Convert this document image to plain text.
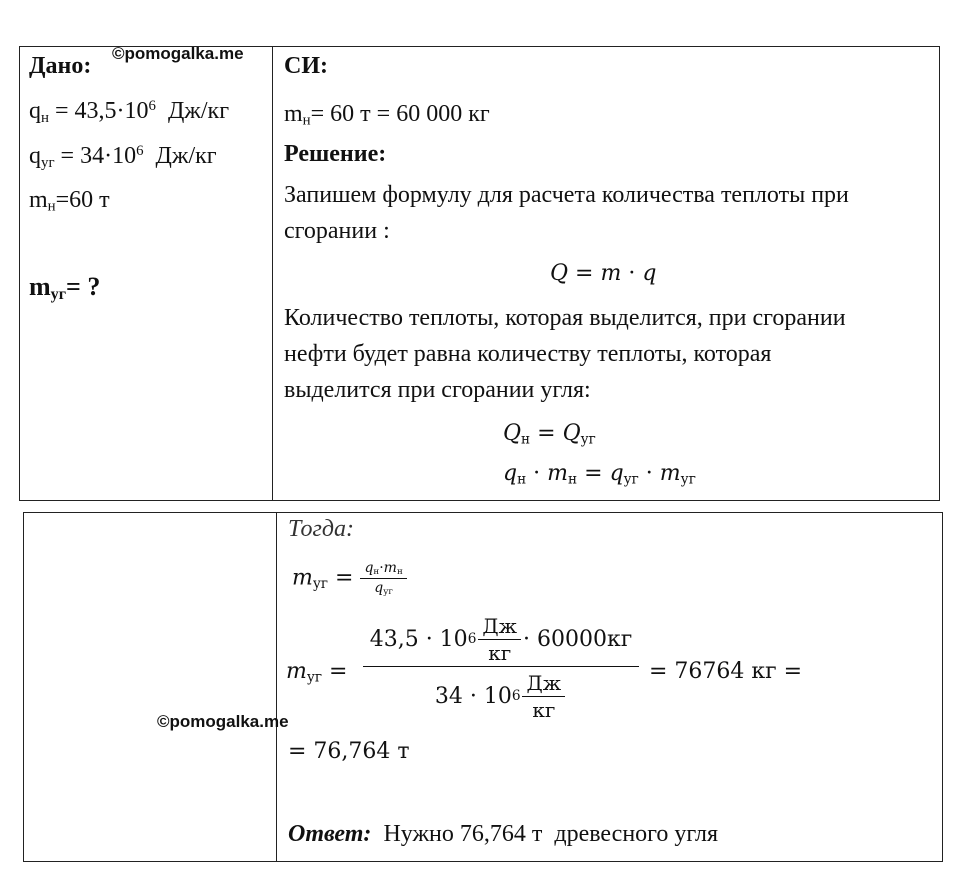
©pomogalka.me
©pomogalka.me
Дано:
$q_н = 43,5\cdot 10^6$  Дж/кг
$q_{уг} = 34\cdot 10^6$  Дж/кг
$m_н=60$ т
$m_{уг}=$ ?
СИ:
$m_н= 60$ т = 60 000 кг
Решение:
Запишем формулу для расчета количества теплоты при
сгорании :
Q = m · q
Количество теплоты, которая выделится, при сгорании
нефти будет равна количеству теплоты, которая
выделится при сгорании угля:
$Q_н = Q_{уг}$
$q_н \cdot m_н = q_{уг} \cdot m_{уг}$
Тогда:
$m_{уг} = \frac{q_н\cdot m_н}{q_{уг}}$
$m_{уг}$ =
43,5 · 10 $6 \frac{Дж}{кг} \cdot 60000кг$
34 · 10 $6 \frac{Дж}{кг}$	= 76764 кг =
= 76,764 т
Ответ:  Нужно 76,764 т  древесного угля
